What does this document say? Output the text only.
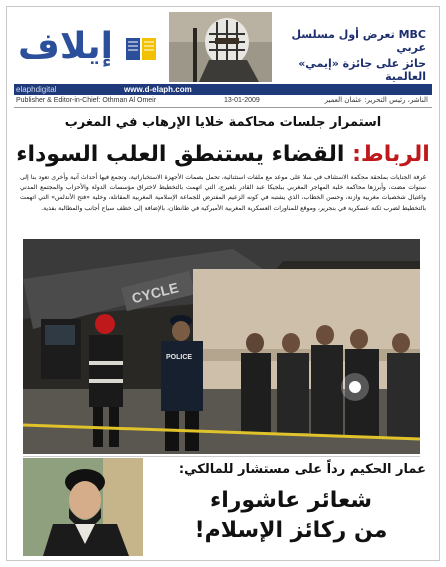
إيلاف	MBC تعرض أول مسلسل عربي
حائز على جائزة «إيمي» العالمية
elaphdigital	www.d-elaph.com
Publisher & Editor-in-Chief: Othman Al Omeir	13-01-2009	الناشر، رئيس التحرير: عثمان العمير
استمرار جلسات محاكمة خلايا الإرهاب في المغرب
الرباط: القضاء يستنطق العلب السوداء
غرفة الجنايات بملحقة محكمة الاستئناف في سلا على موعد مع ملفات استثنائية، تحمل بصمات الأجهزة الاستخباراتية، وتجمع فيها أحداث آنية وأخرى تعود بنا إلى سنوات مضت، وأبرزها محاكمة خلية المهاجر المغربي ببلجيكا عبد القادر بلعيرج، التي اتهمت بالتخطيط لاختراق مؤسسات الدولة والأحزاب والمجتمع المدني واغتيال شخصيات مغربية وازنة، وحسن الخطاب، الذي يشتبه في كونه الزعيم المفترض للجماعة الإسلامية المغربية المقاتلة، وخلية «فتح الأندلس» التي اتهمت بالتخطيط لضرب ثكنة عسكرية في بنجرير، وموقع للمناورات العسكرية المغربية الأميركية في طانطان، بالإضافة إلى خطف سياح أجانب والمطالبة بفدية.
CYCLE
POLICE
عمار الحكيم رداً على مستشار للمالكي:
شعائر عاشوراء
من ركائز الإسلام!
